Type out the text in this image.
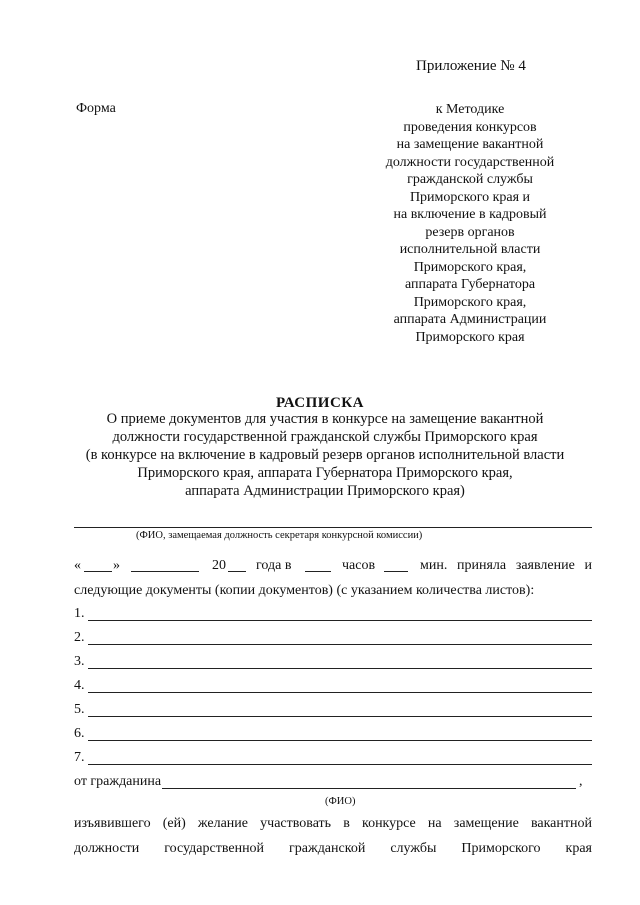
Приложение № 4
Форма	к Методике
проведения конкурсов
на замещение вакантной
должности государственной
гражданской службы
Приморского края и
на включение в кадровый
резерв органов
исполнительной власти
Приморского края,
аппарата Губернатора
Приморского края,
аппарата Администрации
Приморского края
РАСПИСКА
О приеме документов для участия в конкурсе на замещение вакантной
должности государственной гражданской службы Приморского края
(в конкурсе на включение в кадровый резерв органов исполнительной власти
Приморского края, аппарата Губернатора Приморского края,
аппарата Администрации Приморского края)
(ФИО, замещаемая должность секретаря конкурсной комиссии)
« »	20 года в	часов	мин. приняла заявление и
следующие документы (копии документов) (с указанием количества листов):
1.
2.
3.
4.
5.
6.
7.
от гражданина	,
(ФИО)
изъявившего (ей) желание участвовать в конкурсе на замещение вакантной
должности государственной гражданской службы Приморского края
